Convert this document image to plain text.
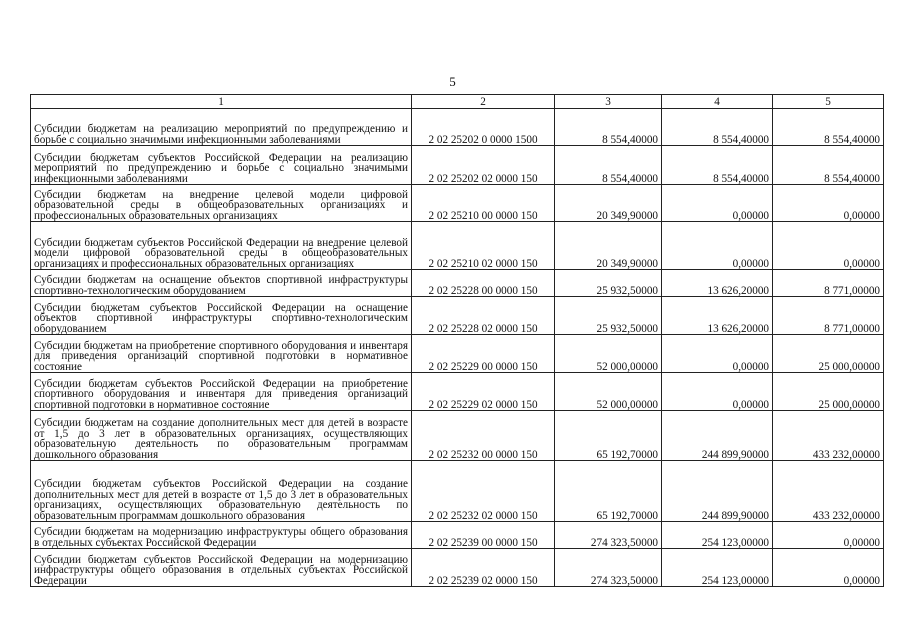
5
1	2	3	4	5
Субсидии бюджетам на реализацию мероприятий по предупреждению и борьбе с социально значимыми инфекционными заболеваниями	2 02 25202 0 0000 1500	8 554,40000	8 554,40000	8 554,40000
Субсидии бюджетам субъектов Российской Федерации на реализацию мероприятий по предупреждению и борьбе с социально значимыми инфекционными заболеваниями	2 02 25202 02 0000 150	8 554,40000	8 554,40000	8 554,40000
Субсидии бюджетам на внедрение целевой модели цифровой образовательной среды в общеобразовательных организациях и профессиональных образовательных организациях	2 02 25210 00 0000 150	20 349,90000	0,00000	0,00000
Субсидии бюджетам субъектов Российской Федерации на внедрение целевой модели цифровой образовательной среды в общеобразовательных организациях и профессиональных образовательных организациях	2 02 25210 02 0000 150	20 349,90000	0,00000	0,00000
Субсидии бюджетам на оснащение объектов спортивной инфраструктуры спортивно-технологическим оборудованием	2 02 25228 00 0000 150	25 932,50000	13 626,20000	8 771,00000
Субсидии бюджетам субъектов Российской Федерации на оснащение объектов спортивной инфраструктуры спортивно-технологическим оборудованием	2 02 25228 02 0000 150	25 932,50000	13 626,20000	8 771,00000
Субсидии бюджетам на приобретение спортивного оборудования и инвентаря для приведения организаций спортивной подготовки в нормативное состояние	2 02 25229 00 0000 150	52 000,00000	0,00000	25 000,00000
Субсидии бюджетам субъектов Российской Федерации на приобретение спортивного оборудования и инвентаря для приведения организаций спортивной подготовки в нормативное состояние	2 02 25229 02 0000 150	52 000,00000	0,00000	25 000,00000
Субсидии бюджетам на создание дополнительных мест для детей в возрасте от 1,5 до 3 лет в образовательных организациях, осуществляющих образовательную деятельность по образовательным программам дошкольного образования	2 02 25232 00 0000 150	65 192,70000	244 899,90000	433 232,00000
Субсидии бюджетам субъектов Российской Федерации на создание дополнительных мест для детей в возрасте от 1,5 до 3 лет в образовательных организациях, осуществляющих образовательную деятельность по образовательным программам дошкольного образования	2 02 25232 02 0000 150	65 192,70000	244 899,90000	433 232,00000
Субсидии бюджетам на модернизацию инфраструктуры общего образования в отдельных субъектах Российской Федерации	2 02 25239 00 0000 150	274 323,50000	254 123,00000	0,00000
Субсидии бюджетам субъектов Российской Федерации на модернизацию инфраструктуры общего образования в отдельных субъектах Российской Федерации	2 02 25239 02 0000 150	274 323,50000	254 123,00000	0,00000
